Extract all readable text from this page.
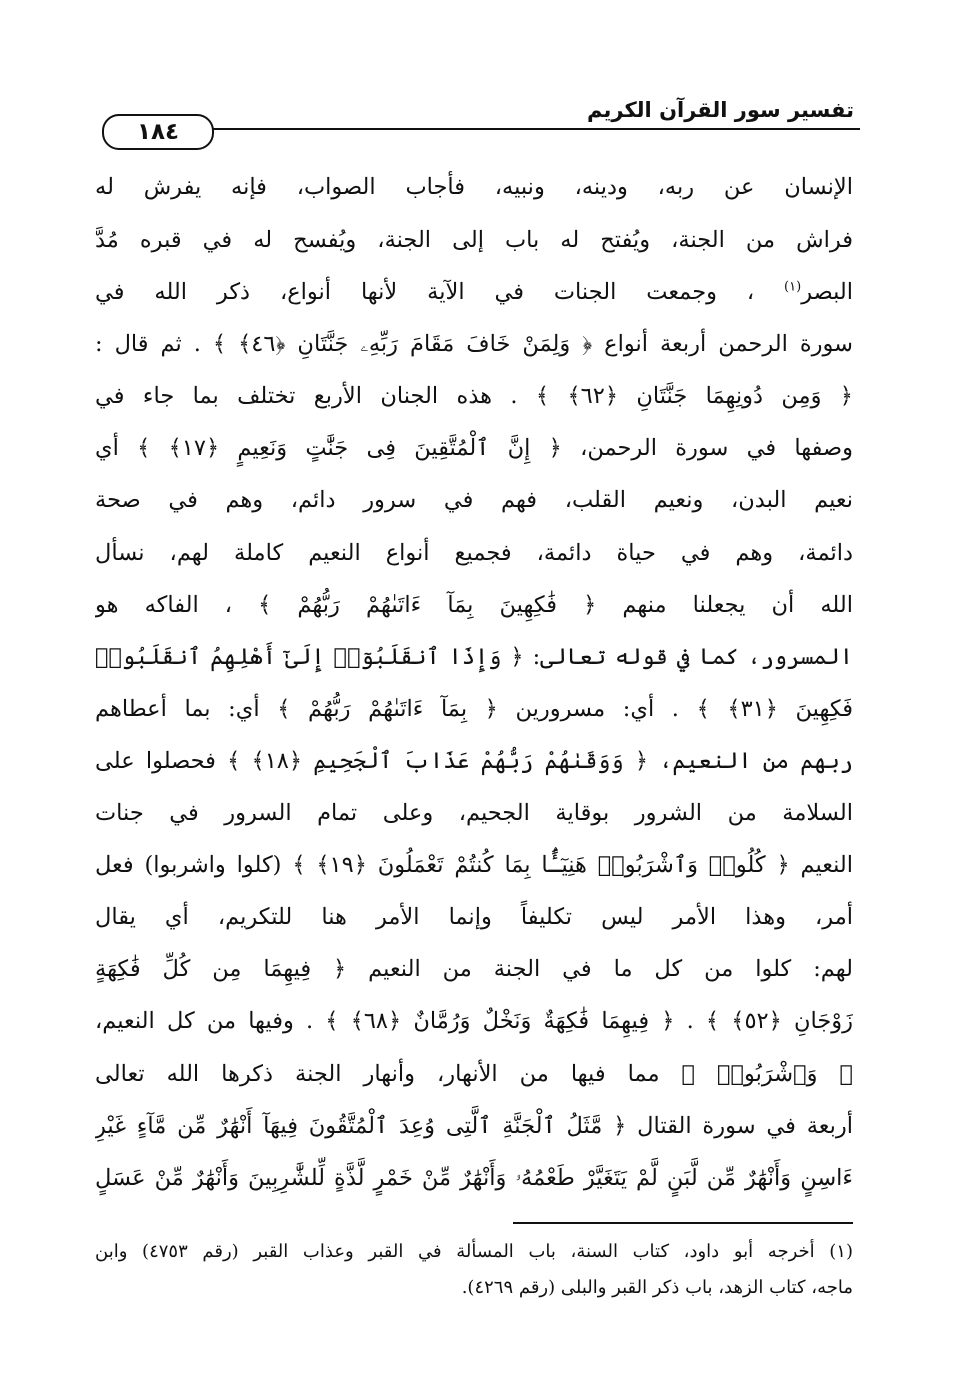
١٨٤
تفسير سور القرآن الكريم
الإنسان عن ربه، ودينه، ونبيه، فأجاب الصواب، فإنه يفرش له
فراش من الجنة، ويُفتح له باب إلى الجنة، ويُفسح له في قبره مُدَّ
البصر$^{(١)}$ ، وجمعت الجنات في الآية لأنها أنواع، ذكر الله في
سورة الرحمن أربعة أنواع ﴿ وَلِمَنْ خَافَ مَقَامَ رَبِّهِۦ جَنَّتَانِ ﴿٤٦﴾ ﴾ . ثم قال :
﴿ وَمِن دُونِهِمَا جَنَّتَانِ ﴿٦٢﴾ ﴾ . هذه الجنان الأربع تختلف بما جاء في
وصفها في سورة الرحمن، ﴿ إِنَّ ٱلْمُتَّقِينَ فِى جَنَّٰتٍ وَنَعِيمٍ ﴿١٧﴾ ﴾ أي
نعيم البدن، ونعيم القلب، فهم في سرور دائم، وهم في صحة
دائمة، وهم في حياة دائمة، فجميع أنواع النعيم كاملة لهم، نسأل
الله أن يجعلنا منهم ﴿ فَٰكِهِينَ بِمَآ ءَاتَىٰهُمْ رَبُّهُمْ ﴾ ، الفاكه هو
المسرور، كما في قوله تعالى: ﴿ وَإِذَا ٱنقَلَبُوٓا۟ إِلَىٰٓ أَهْلِهِمُ ٱنقَلَبُوا۟
فَكِهِينَ ﴿٣١﴾ ﴾ . أي: مسرورين ﴿ بِمَآ ءَاتَىٰهُمْ رَبُّهُمْ ﴾ أي: بما أعطاهم
ربهم من النعيم، ﴿ وَوَقَىٰهُمْ رَبُّهُمْ عَذَابَ ٱلْجَحِيمِ ﴿١٨﴾ ﴾ فحصلوا على
السلامة من الشرور بوقاية الجحيم، وعلى تمام السرور في جنات
النعيم ﴿ كُلُوا۟ وَٱشْرَبُوا۟ هَنِيٓـًٔۢا بِمَا كُنتُمْ تَعْمَلُونَ ﴿١٩﴾ ﴾ (كلوا واشربوا) فعل
أمر، وهذا الأمر ليس تكليفاً وإنما الأمر هنا للتكريم، أي يقال
لهم: كلوا من كل ما في الجنة من النعيم ﴿ فِيهِمَا مِن كُلِّ فَٰكِهَةٍ
زَوْجَانِ ﴿٥٢﴾ ﴾ . ﴿ فِيهِمَا فَٰكِهَةٌ وَنَخْلٌ وَرُمَّانٌ ﴿٦٨﴾ ﴾ . وفيها من كل النعيم،
﴿ وَٱشْرَبُوا۟ ﴾ مما فيها من الأنهار، وأنهار الجنة ذكرها الله تعالى
أربعة في سورة القتال ﴿ مَّثَلُ ٱلْجَنَّةِ ٱلَّتِى وُعِدَ ٱلْمُتَّقُونَ فِيهَآ أَنْهَٰرٌ مِّن مَّآءٍ غَيْرِ
ءَاسِنٍ وَأَنْهَٰرٌ مِّن لَّبَنٍ لَّمْ يَتَغَيَّرْ طَعْمُهُۥ وَأَنْهَٰرٌ مِّنْ خَمْرٍ لَّذَّةٍ لِّلشَّٰرِبِينَ وَأَنْهَٰرٌ مِّنْ عَسَلٍ
(١) أخرجه أبو داود، كتاب السنة، باب المسألة في القبر وعذاب القبر (رقم ٤٧٥٣) وابن
ماجه، كتاب الزهد، باب ذكر القبر والبلى (رقم ٤٢٦٩).
